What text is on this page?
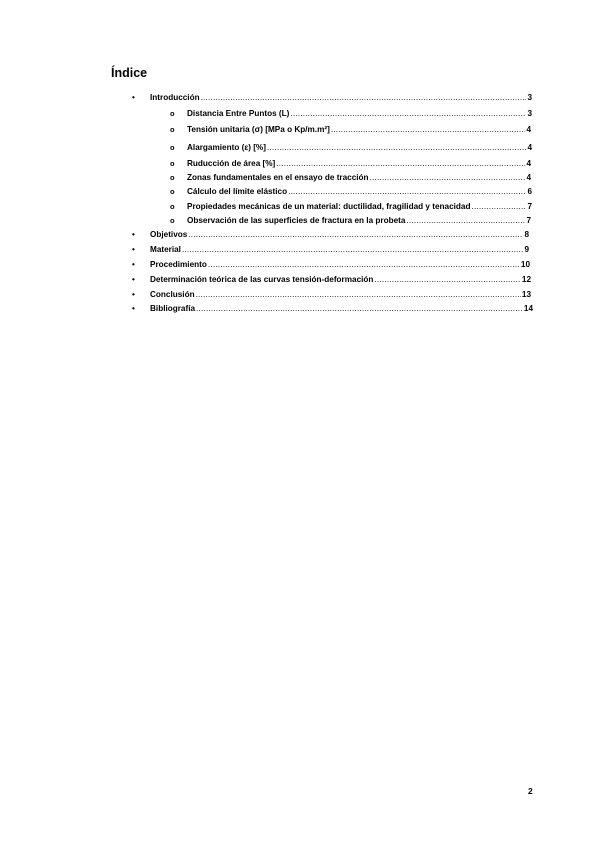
Índice
• Introducción .....	3
o Distancia Entre Puntos (L) .....	3
o Tensión unitaria (σ) [MPa o Kp/m.m²] .....	4
o Alargamiento (ε) [%] .....	4
o Ruducción de área [%] .....	4
o Zonas fundamentales en el ensayo de tracción .....	4
o Cálculo del límite elástico .....	6
o Propiedades mecánicas de un material: ductilidad, fragilidad y tenacidad .....	7
o Observación de las superficies de fractura en la probeta .....	7
• Objetivos .....	8
• Material .....	9
• Procedimiento .....	10
• Determinación teórica de las curvas tensión-deformación .....	12
• Conclusión .....	13
• Bibliografía .....	14
2
